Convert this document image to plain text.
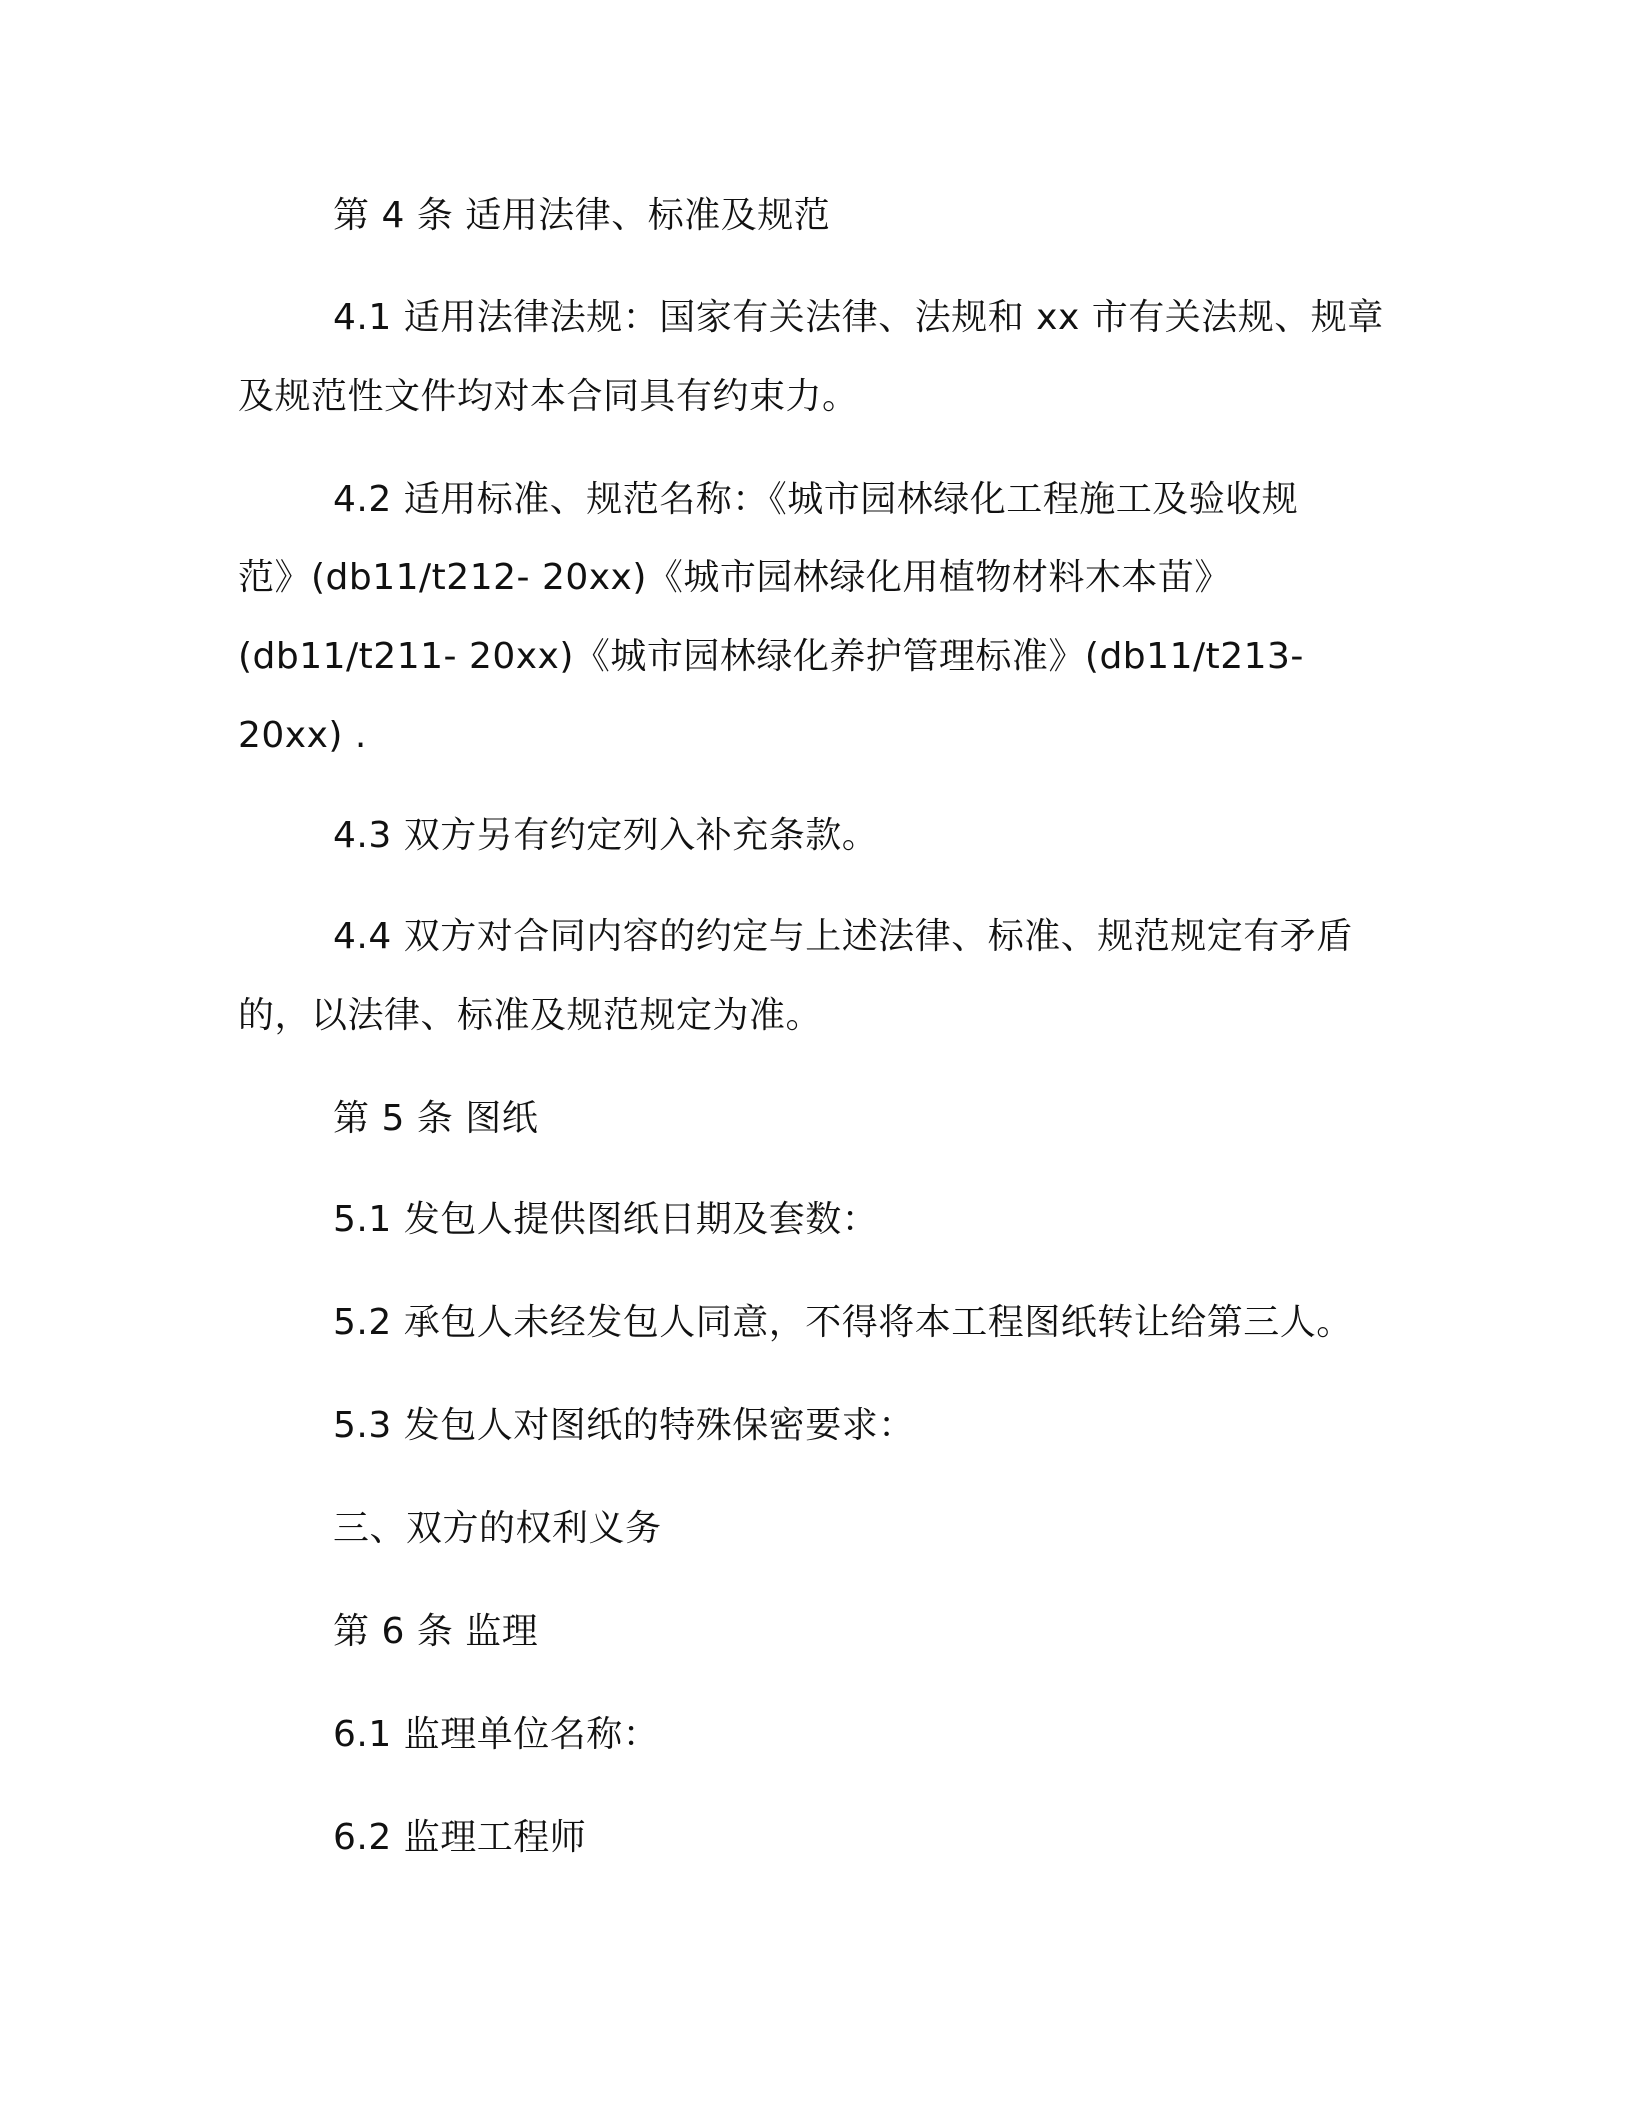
第 4 条 适用法律、标准及规范
4.1 适用法律法规：国家有关法律、法规和 xx 市有关法规、规章
及规范性文件均对本合同具有约束力。
4.2 适用标准、规范名称：《城市园林绿化工程施工及验收规
范》(db11/t212- 20xx)《城市园林绿化用植物材料木本苗》
(db11/t211- 20xx)《城市园林绿化养护管理标准》(db11/t213-
20xx) .
4.3 双方另有约定列入补充条款。
4.4 双方对合同内容的约定与上述法律、标准、规范规定有矛盾
的，以法律、标准及规范规定为准。
第 5 条 图纸
5.1 发包人提供图纸日期及套数：
5.2 承包人未经发包人同意，不得将本工程图纸转让给第三人。
5.3 发包人对图纸的特殊保密要求：
三、双方的权利义务
第 6 条 监理
6.1 监理单位名称：
6.2 监理工程师
